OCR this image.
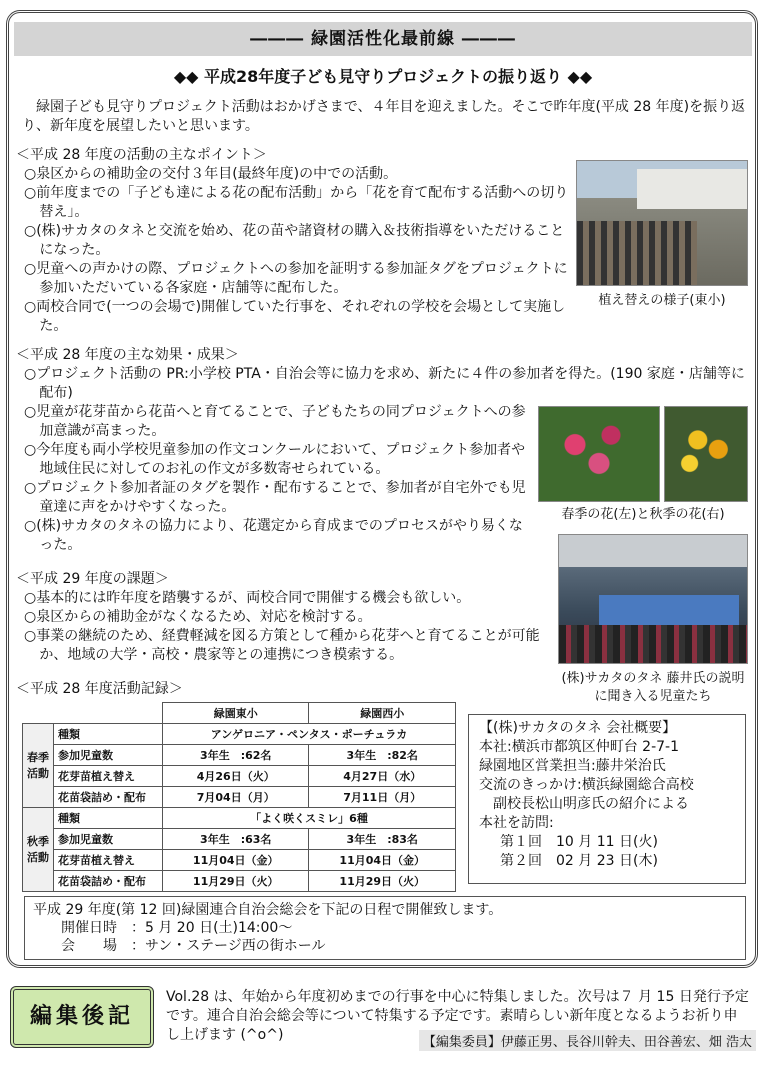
――― 緑園活性化最前線 ―――
◆◆ 平成28年度子ども見守りプロジェクトの振り返り ◆◆
緑園子ども見守りプロジェクト活動はおかげさまで、４年目を迎えました。そこで昨年度(平成 28 年度)を振り返り、新年度を展望したいと思います。
＜平成 28 年度の活動の主なポイント＞
○泉区からの補助金の交付３年目(最終年度)の中での活動。
○前年度までの「子ども達による花の配布活動」から「花を育て配布する活動への切り替え」。
○(株)サカタのタネと交流を始め、花の苗や諸資材の購入＆技術指導をいただけることになった。
○児童への声かけの際、プロジェクトへの参加を証明する参加証タグをプロジェクトに参加いただいている各家庭・店舗等に配布した。
○両校合同で(一つの会場で)開催していた行事を、それぞれの学校を会場として実施した。
植え替えの様子(東小)
＜平成 28 年度の主な効果・成果＞
○プロジェクト活動の PR:小学校 PTA・自治会等に協力を求め、新たに４件の参加者を得た。(190 家庭・店舗等に配布)
○児童が花芽苗から花苗へと育てることで、子どもたちの同プロジェクトへの参加意識が高まった。
○今年度も両小学校児童参加の作文コンクールにおいて、プロジェクト参加者や地域住民に対してのお礼の作文が多数寄せられている。
○プロジェクト参加者証のタグを製作・配布することで、参加者が自宅外でも児童達に声をかけやすくなった。
○(株)サカタのタネの協力により、花選定から育成までのプロセスがやり易くなった。
春季の花(左)と秋季の花(右)
＜平成 29 年度の課題＞
○基本的には昨年度を踏襲するが、両校合同で開催する機会も欲しい。
○泉区からの補助金がなくなるため、対応を検討する。
○事業の継続のため、経費軽減を図る方策として種から花芽へと育てることが可能か、地域の大学・高校・農家等との連携につき模索する。
(株)サカタのタネ 藤井氏の説明に聞き入る児童たち
＜平成 28 年度活動記録＞
		緑園東小	緑園西小
春季活動	種類	アンゲロニア・ペンタス・ポーチュラカ	
	参加児童数	3年生　:62名	3年生　:82名
	花芽苗植え替え	4月26日（火）	4月27日（水）
	花苗袋詰め・配布	7月04日（月）	7月11日（月）
秋季活動	種類	「よく咲くスミレ」6種	
	参加児童数	3年生　:63名	3年生　:83名
	花芽苗植え替え	11月04日（金）	11月04日（金）
	花苗袋詰め・配布	11月29日（火）	11月29日（火）
【(株)サカタのタネ 会社概要】
本社:横浜市都筑区仲町台 2-7-1
緑園地区営業担当:藤井栄治氏
交流のきっかけ:横浜緑園総合高校
副校長松山明彦氏の紹介による
本社を訪問:
第１回　10 月 11 日(火)
第２回　02 月 23 日(木)
平成 29 年度(第 12 回)緑園連合自治会総会を下記の日程で開催致します。
開催日時　：5 月 20 日(土)14:00～
会　　場　：サン・ステージ西の街ホール
編集後記
Vol.28 は、年始から年度初めまでの行事を中心に特集しました。次号は７ 月 15 日発行予定です。連合自治会総会等について特集する予定です。素晴らしい新年度となるようお祈り申し上げます (^o^)	【編集委員】伊藤正男、長谷川幹夫、田谷善宏、畑 浩太
